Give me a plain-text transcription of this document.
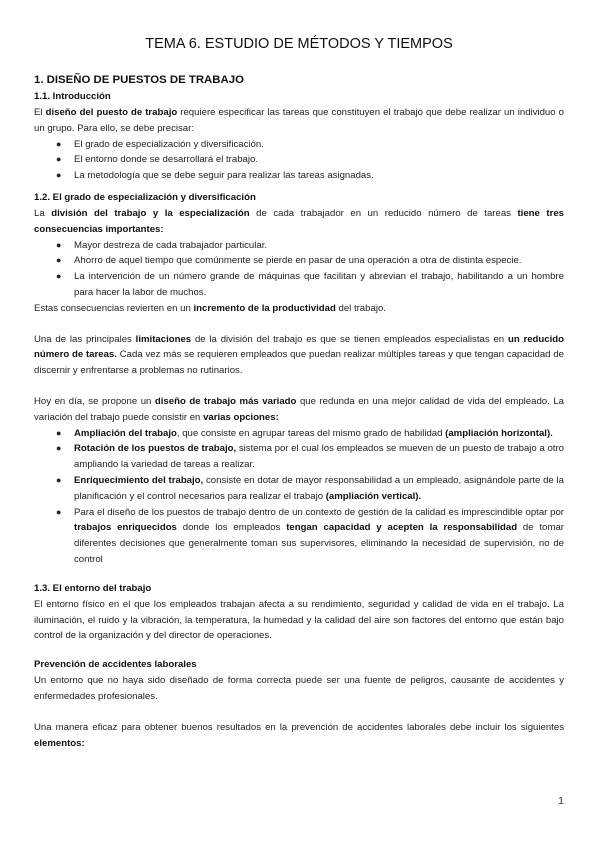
TEMA 6. ESTUDIO DE MÉTODOS Y TIEMPOS
1. DISEÑO DE PUESTOS DE TRABAJO
1.1. Introducción

El diseño del puesto de trabajo requiere especificar las tareas que constituyen el trabajo que debe realizar un individuo o un grupo. Para ello, se debe precisar:

● El grado de especialización y diversificación.
● El entorno donde se desarrollará el trabajo.
● La metodología que se debe seguir para realizar las tareas asignadas.
1.2. El grado de especialización y diversificación

La división del trabajo y la especialización de cada trabajador en un reducido número de tareas tiene tres consecuencias importantes:

● Mayor destreza de cada trabajador particular.
● Ahorro de aquel tiempo que comúnmente se pierde en pasar de una operación a otra de distinta especie.
● La intervención de un número grande de máquinas que facilitan y abrevian el trabajo, habilitando a un hombre para hacer la labor de muchos.

Estas consecuencias revierten en un incremento de la productividad del trabajo.

Una de las principales limitaciones de la división del trabajo es que se tienen empleados especialistas en un reducido número de tareas. Cada vez más se requieren empleados que puedan realizar múltiples tareas y que tengan capacidad de discernir y enfrentarse a problemas no rutinarios.

Hoy en día, se propone un diseño de trabajo más variado que redunda en una mejor calidad de vida del empleado. La variación del trabajo puede consistir en varias opciones:

● Ampliación del trabajo, que consiste en agrupar tareas del mismo grado de habilidad (ampliación horizontal).
● Rotación de los puestos de trabajo, sistema por el cual los empleados se mueven de un puesto de trabajo a otro ampliando la variedad de tareas a realizar.
● Enriquecimiento del trabajo, consiste en dotar de mayor responsabilidad a un empleado, asignándole parte de la planificación y el control necesarios para realizar el trabajo (ampliación vertical).
● Para el diseño de los puestos de trabajo dentro de un contexto de gestión de la calidad es imprescindible optar por trabajos enriquecidos donde los empleados tengan capacidad y acepten la responsabilidad de tomar diferentes decisiones que generalmente toman sus supervisores, eliminando la necesidad de supervisión, no de control
1.3. El entorno del trabajo

El entorno físico en el que los empleados trabajan afecta a su rendimiento, seguridad y calidad de vida en el trabajo. La iluminación, el ruido y la vibración, la temperatura, la humedad y la calidad del aire son factores del entorno que están bajo control de la organización y del director de operaciones.

Prevención de accidentes laborales

Un entorno que no haya sido diseñado de forma correcta puede ser una fuente de peligros, causante de accidentes y enfermedades profesionales.

Una manera eficaz para obtener buenos resultados en la prevención de accidentes laborales debe incluir los siguientes elementos:

1
